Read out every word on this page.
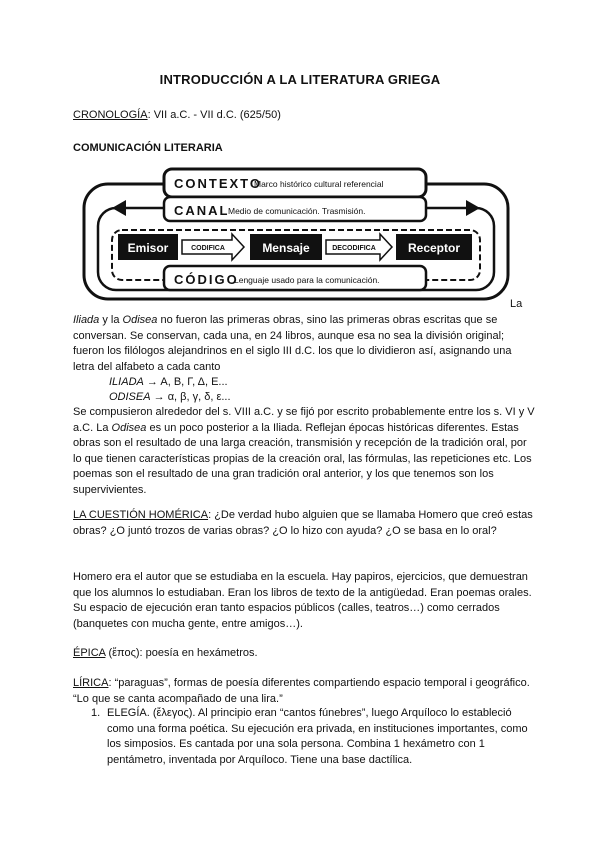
INTRODUCCIÓN A LA LITERATURA GRIEGA
CRONOLOGÍA: VII a.C. - VII d.C. (625/50)
COMUNICACIÓN LITERARIA
CONTEXTO
Marco histórico cultural referencial
CANAL
Medio de comunicación. Trasmisión.
Emisor	CODIFICA	Mensaje	DECODIFICA	Receptor
CÓDIGO
Lenguaje usado para la comunicación.
La

Iliada y la Odisea no fueron las primeras obras, sino las primeras obras escritas que se conversan. Se conservan, cada una, en 24 libros, aunque esa no sea la división original; fueron los filólogos alejandrinos en el siglo III d.C. los que lo dividieron así, asignando una letra del alfabeto a cada canto

ILIADA → A, B, Γ, Δ, E...
ODISEA → α, β, γ, δ, ε...

Se compusieron alrededor del s. VIII a.C. y se fijó por escrito probablemente entre los s. VI y V a.C. La Odisea es un poco posterior a la Iliada. Reflejan épocas históricas diferentes. Estas obras son el resultado de una larga creación, transmisión y recepción de la tradición oral, por lo que tienen características propias de la creación oral, las fórmulas, las repeticiones etc. Los poemas son el resultado de una gran tradición oral anterior, y los que tenemos son los supervivientes.

LA CUESTIÓN HOMÉRICA: ¿De verdad hubo alguien que se llamaba Homero que creó estas obras? ¿O juntó trozos de varias obras? ¿O lo hizo con ayuda? ¿O se basa en lo oral?

Homero era el autor que se estudiaba en la escuela. Hay papiros, ejercicios, que demuestran que los alumnos lo estudiaban. Eran los libros de texto de la antigüedad. Eran poemas orales. Su espacio de ejecución eran tanto espacios públicos (calles, teatros…) como cerrados (banquetes con mucha gente, entre amigos…).

ÉPICA (ἔπος): poesía en hexámetros.

LÍRICA: “paraguas”, formas de poesía diferentes compartiendo espacio temporal i geográfico. “Lo que se canta acompañado de una lira.”

1. ELEGÍA. (ἔλεγος). Al principio eran “cantos fúnebres”, luego Arquíloco lo estableció como una forma poética. Su ejecución era privada, en instituciones importantes, como los simposios. Es cantada por una sola persona. Combina 1 hexámetro con 1 pentámetro, inventada por Arquíloco. Tiene una base dactílica.
